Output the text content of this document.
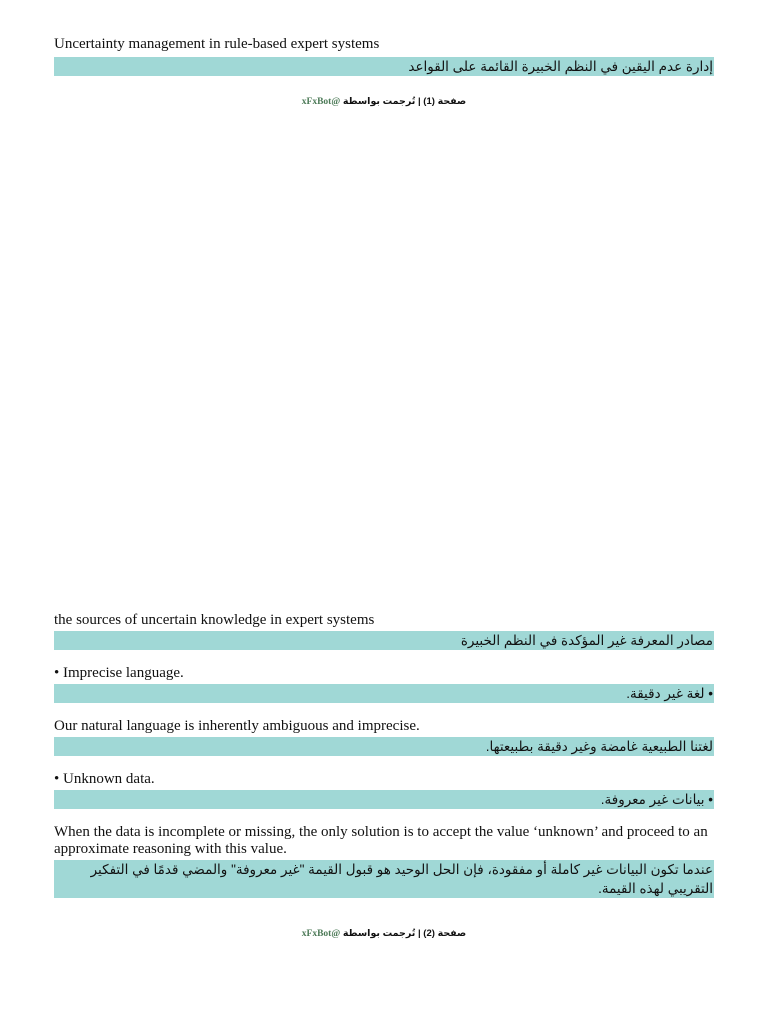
Uncertainty management in rule-based expert systems

إدارة عدم اليقين في النظم الخبيرة القائمة على القواعد

صفحة (1) | تُرجمت بواسطة @xFxBot

the sources of uncertain knowledge in expert systems

مصادر المعرفة غير المؤكدة في النظم الخبيرة

• Imprecise language.

• لغة غير دقيقة.

Our natural language is inherently ambiguous and imprecise.

لغتنا الطبيعية غامضة وغير دقيقة بطبيعتها.

• Unknown data.

• بيانات غير معروفة.

When the data is incomplete or missing, the only solution is to accept the value ‘unknown’ and proceed to an approximate reasoning with this value.

عندما تكون البيانات غير كاملة أو مفقودة، فإن الحل الوحيد هو قبول القيمة "غير معروفة" والمضي قدمًا في التفكير التقريبي لهذه القيمة.

صفحة (2) | تُرجمت بواسطة @xFxBot
